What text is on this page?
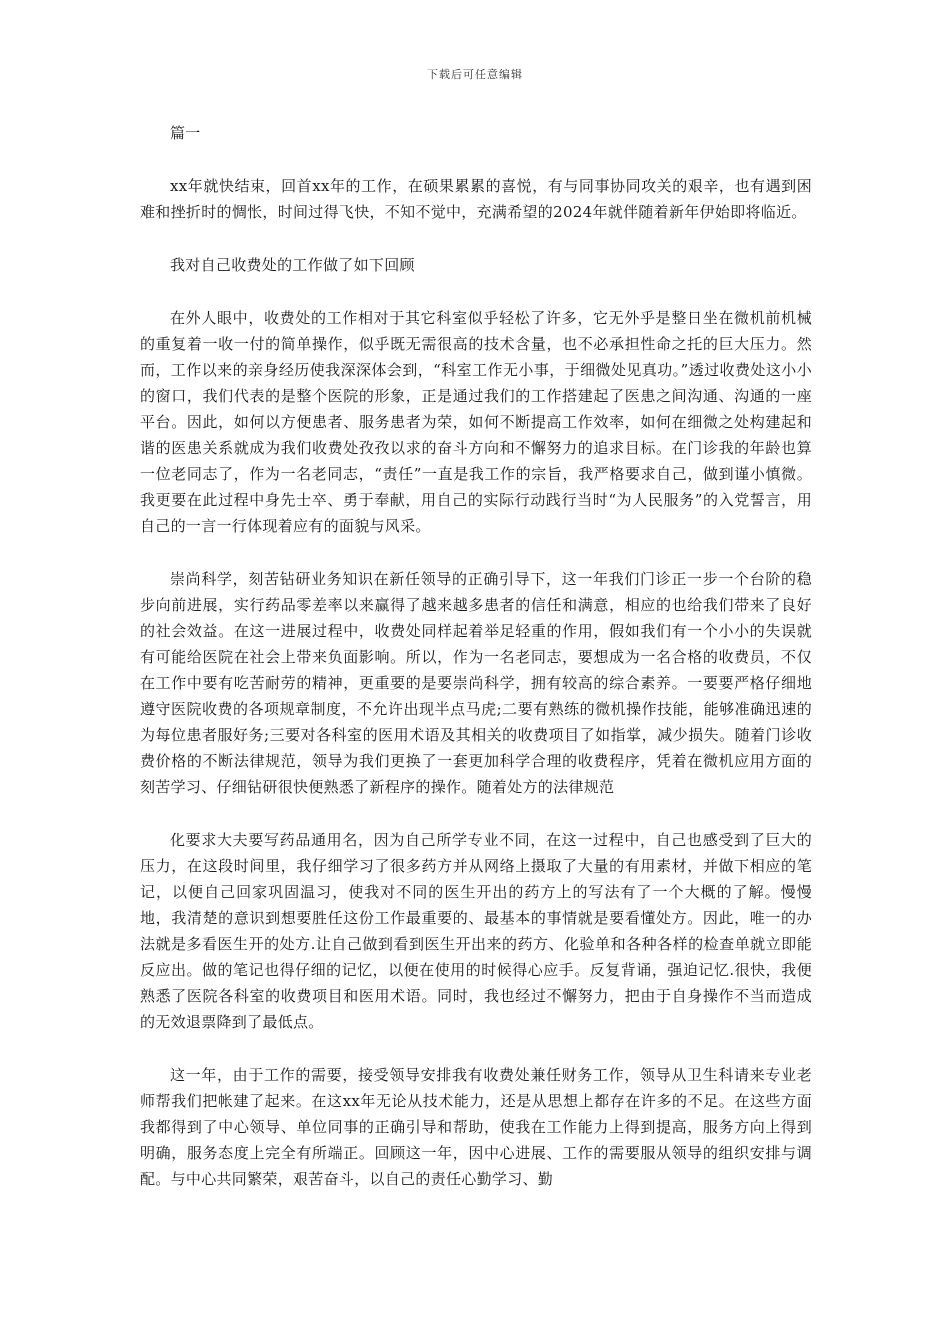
下载后可任意编辑

篇一

xx年就快结束，回首xx年的工作，在硕果累累的喜悦，有与同事协同攻关的艰辛，也有遇到困难和挫折时的惆怅，时间过得飞快，不知不觉中，充满希望的2024年就伴随着新年伊始即将临近。

我对自己收费处的工作做了如下回顾

在外人眼中，收费处的工作相对于其它科室似乎轻松了许多，它无外乎是整日坐在微机前机械的重复着一收一付的简单操作，似乎既无需很高的技术含量，也不必承担性命之托的巨大压力。然而，工作以来的亲身经历使我深深体会到，“科室工作无小事，于细微处见真功。”透过收费处这小小的窗口，我们代表的是整个医院的形象，正是通过我们的工作搭建起了医患之间沟通、沟通的一座平台。因此，如何以方便患者、服务患者为荣，如何不断提高工作效率，如何在细微之处构建起和谐的医患关系就成为我们收费处孜孜以求的奋斗方向和不懈努力的追求目标。在门诊我的年龄也算一位老同志了，作为一名老同志，“责任”一直是我工作的宗旨，我严格要求自己，做到谨小慎微。我更要在此过程中身先士卒、勇于奉献，用自己的实际行动践行当时“为人民服务”的入党誓言，用自己的一言一行体现着应有的面貌与风采。

崇尚科学，刻苦钻研业务知识在新任领导的正确引导下，这一年我们门诊正一步一个台阶的稳步向前进展，实行药品零差率以来赢得了越来越多患者的信任和满意，相应的也给我们带来了良好的社会效益。在这一进展过程中，收费处同样起着举足轻重的作用，假如我们有一个小小的失误就有可能给医院在社会上带来负面影响。所以，作为一名老同志，要想成为一名合格的收费员，不仅在工作中要有吃苦耐劳的精神，更重要的是要崇尚科学，拥有较高的综合素养。一要要严格仔细地遵守医院收费的各项规章制度，不允许出现半点马虎;二要有熟练的微机操作技能，能够准确迅速的为每位患者服好务;三要对各科室的医用术语及其相关的收费项目了如指掌，减少损失。随着门诊收费价格的不断法律规范，领导为我们更换了一套更加科学合理的收费程序，凭着在微机应用方面的刻苦学习、仔细钻研很快便熟悉了新程序的操作。随着处方的法律规范

化要求大夫要写药品通用名，因为自己所学专业不同，在这一过程中，自己也感受到了巨大的压力，在这段时间里，我仔细学习了很多药方并从网络上摄取了大量的有用素材，并做下相应的笔记，以便自己回家巩固温习，使我对不同的医生开出的药方上的写法有了一个大概的了解。慢慢地，我清楚的意识到想要胜任这份工作最重要的、最基本的事情就是要看懂处方。因此，唯一的办法就是多看医生开的处方.让自己做到看到医生开出来的药方、化验单和各种各样的检查单就立即能反应出。做的笔记也得仔细的记忆，以便在使用的时候得心应手。反复背诵，强迫记忆.很快，我便熟悉了医院各科室的收费项目和医用术语。同时，我也经过不懈努力，把由于自身操作不当而造成的无效退票降到了最低点。

这一年，由于工作的需要，接受领导安排我有收费处兼任财务工作，领导从卫生科请来专业老师帮我们把帐建了起来。在这xx年无论从技术能力，还是从思想上都存在许多的不足。在这些方面我都得到了中心领导、单位同事的正确引导和帮助，使我在工作能力上得到提高，服务方向上得到明确，服务态度上完全有所端正。回顾这一年，因中心进展、工作的需要服从领导的组织安排与调配。与中心共同繁荣，艰苦奋斗，以自己的责任心勤学习、勤
